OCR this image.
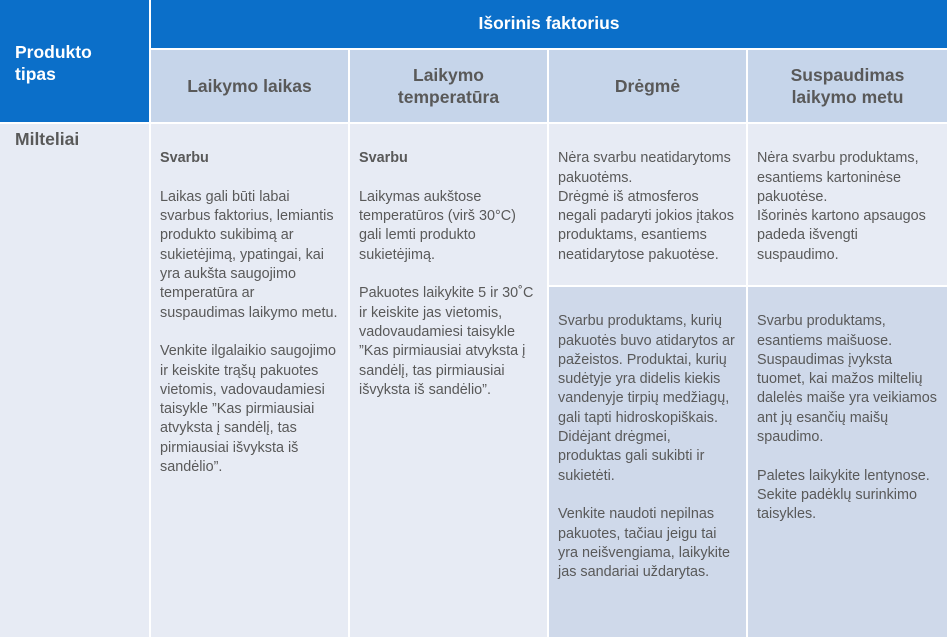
Produkto tipas
Išorinis faktorius
Laikymo laikas
Laikymo temperatūra
Drėgmė
Suspaudimas laikymo metu
Milteliai

Svarbu

Laikas gali būti labai svarbus faktorius, lemiantis produkto sukibimą ar sukietėjimą, ypatingai, kai yra aukšta saugojimo temperatūra ar suspaudimas laikymo metu.

Venkite ilgalaikio saugojimo ir keiskite trąšų pakuotes vietomis, vadovaudamiesi taisykle ”Kas pirmiausiai atvyksta į sandėlį, tas pirmiausiai išvyksta iš sandėlio”.

Svarbu

Laikymas aukštose temperatūros (virš 30°C) gali lemti produkto sukietėjimą.

Pakuotes laikykite 5 ir 30˚C ir keiskite jas vietomis, vadovaudamiesi taisykle ”Kas pirmiausiai atvyksta į sandėlį, tas pirmiausiai išvyksta iš sandėlio”.

Nėra svarbu neatidarytoms pakuotėms.
Drėgmė iš atmosferos negali padaryti jokios įtakos produktams, esantiems neatidarytose pakuotėse.

Svarbu produktams, kurių pakuotės buvo atidarytos ar pažeistos. Produktai, kurių sudėtyje yra didelis kiekis vandenyje tirpių medžiagų, gali tapti hidroskopiškais.
Didėjant drėgmei, produktas gali sukibti ir sukietėti.

Venkite naudoti nepilnas pakuotes, tačiau jeigu tai yra neišvengiama, laikykite jas sandariai uždarytas.

Nėra svarbu produktams, esantiems kartoninėse pakuotėse.
Išorinės kartono apsaugos padeda išvengti suspaudimo.

Svarbu produktams, esantiems maišuose.
Suspaudimas įvyksta tuomet, kai mažos miltelių dalelės maiše yra veikiamos ant jų esančių maišų spaudimo.

Paletes laikykite lentynose. Sekite padėklų surinkimo taisykles.
